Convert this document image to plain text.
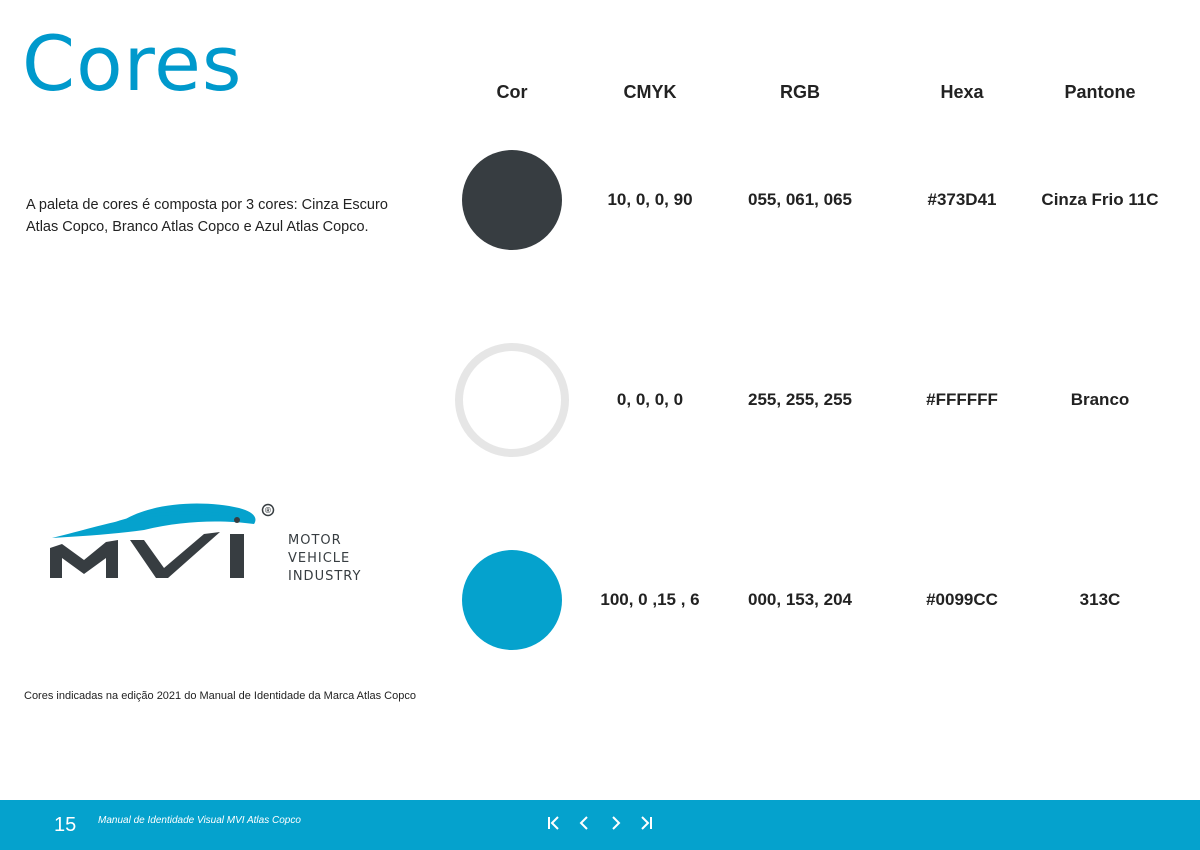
Cores	Cor	CMYK	RGB	Hexa	Pantone

A paleta de cores é composta por 3 cores: Cinza Escuro Atlas Copco, Branco Atlas Copco e Azul Atlas Copco.

10, 0, 0, 90	055, 061, 065	#373D41	Cinza Frio 11C
0, 0, 0, 0	255, 255, 255	#FFFFFF	Branco
100, 0 ,15 , 6	000, 153, 204	#0099CC	313C
®
MOTOR
VEHICLE
INDUSTRY

Cores indicadas na edição 2021 do Manual de Identidade da Marca Atlas Copco

15 Manual de Identidade Visual MVI Atlas Copco
